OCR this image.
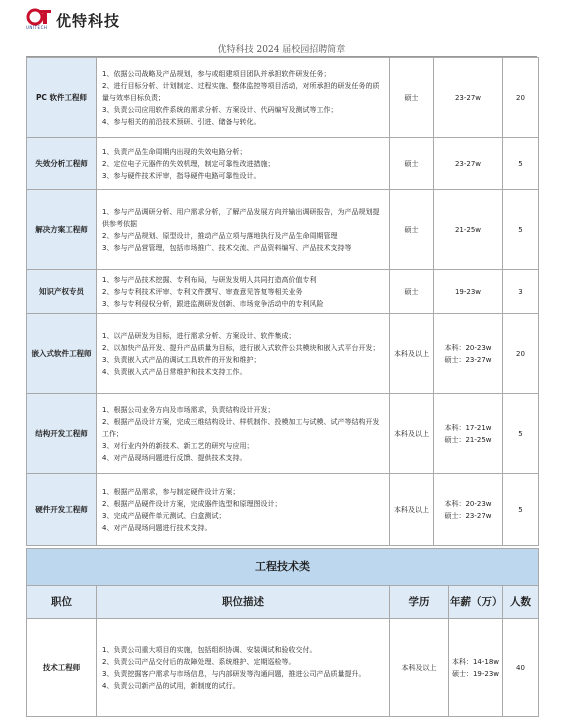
UNITECH 优特科技
优特科技 2024 届校园招聘简章
PC 软件工程师	1、依据公司战略及产品规划，参与或组建项目团队并承担软件研发任务；
2、进行目标分析、计划制定、过程实施、整体监控等项目活动，对所承担的研发任务的质量与效率目标负责；
3、负责公司应用软件系统的需求分析、方案设计、代码编写及测试等工作；
4、参与相关的前沿技术预研、引进、储备与转化。	硕士	23-27w	20
失效分析工程师	1、负责产品生命周期内出现的失效电路分析；
2、定位电子元器件的失效机理，制定可靠性改进措施；
3、参与硬件技术评审，指导硬件电路可靠性设计。	硕士	23-27w	5
解决方案工程师	1、参与产品调研分析、用户需求分析，了解产品发展方向并输出调研报告，为产品规划提供参考依据
2、参与产品规划、原型设计，推动产品立项与落地执行及产品生命周期管理
3、参与产品营管理，包括市场推广、技术交流、产品资料编写、产品技术支持等	硕士	21-25w	5
知识产权专员	1、参与产品技术挖掘、专利布局，与研发发明人共同打造高价值专利
2、参与专利技术评审、专利文件撰写、审查意见答复等相关业务
3、参与专利侵权分析，跟进监测研发创新、市场竞争活动中的专利风险	硕士	19-23w	3
嵌入式软件工程师	1、以产品研发为目标，进行需求分析、方案设计、软件集成；
2、以加快产品开发、提升产品质量为目标，进行嵌入式软件公共模块和嵌入式平台开发；
3、负责嵌入式产品的调试工具软件的开发和维护；
4、负责嵌入式产品日常维护和技术支持工作。	本科及以上	本科：20-23w
硕士：23-27w	20
结构开发工程师	1、根据公司业务方向及市场需求，负责结构设计开发；
2、根据产品设计方案，完成三维结构设计、样机制作、投模加工与试模、试产等结构开发工作；
3、对行业内外的新技术、新工艺的研究与应用；
4、对产品现场问题进行反馈、提供技术支持。	本科及以上	本科：17-21w
硕士：21-25w	5
硬件开发工程师	1、根据产品需求，参与制定硬件设计方案；
2、根据产品硬件设计方案，完成器件选型和原理图设计；
3、完成产品硬件单元测试、白盒测试；
4、对产品现场问题进行技术支持。	本科及以上	本科：20-23w
硕士：23-27w	5
工程技术类				
职位	职位描述	学历	年薪（万）	人数
技术工程师	1、负责公司重大项目的实施，包括组织协调、安装调试和验收交付。
2、负责公司产品交付后的故障处理、系统维护、定期巡检等。
3、负责挖掘客户需求与市场信息，与内部研发等沟通问题，推进公司产品质量提升。
4、负责公司新产品的试用，新制度的试行。	本科及以上	本科：14-18w
硕士：19-23w	40
